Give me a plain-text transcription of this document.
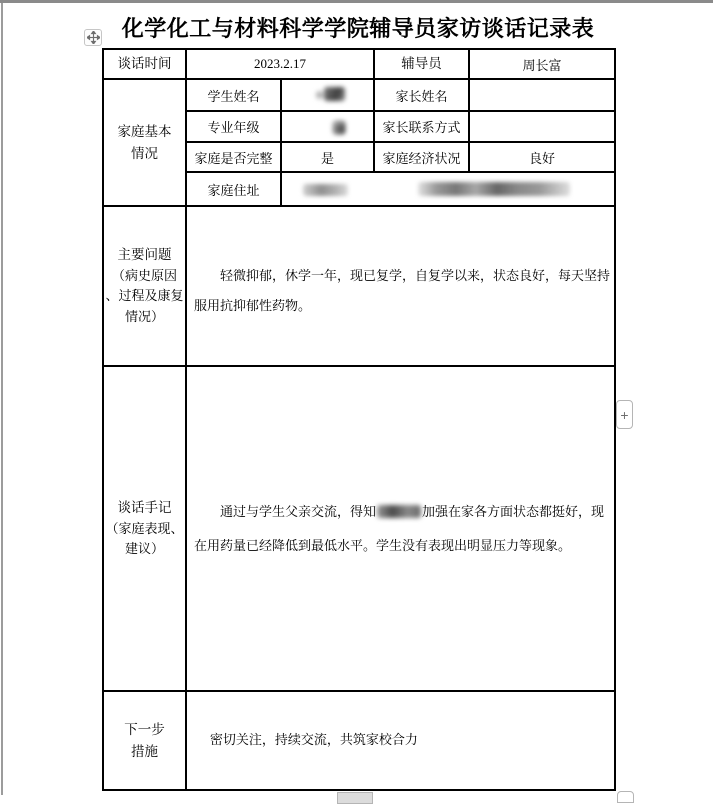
化学化工与材料科学学院辅导员家访谈话记录表
谈话时间	2023.2.17		辅导员	周长富

家庭基本
情况	学生姓名		家长姓名	
	专业年级		家长联系方式	
	家庭是否完整	是	家庭经济状况	良好
	家庭住址			

主要问题
（病史原因
、过程及康复
情况）	轻微抑郁，休学一年，现已复学，自复学以来，状态良好，每天坚持服用抗抑郁性药物。			

谈话手记
（家庭表现、
建议）	通过与学生父亲交流，得知 加强在家各方面状态都挺好，现在用药量已经降低到最低水平。学生没有表现出明显压力等现象。			

下一步
措施	密切关注，持续交流，共筑家校合力			

+
